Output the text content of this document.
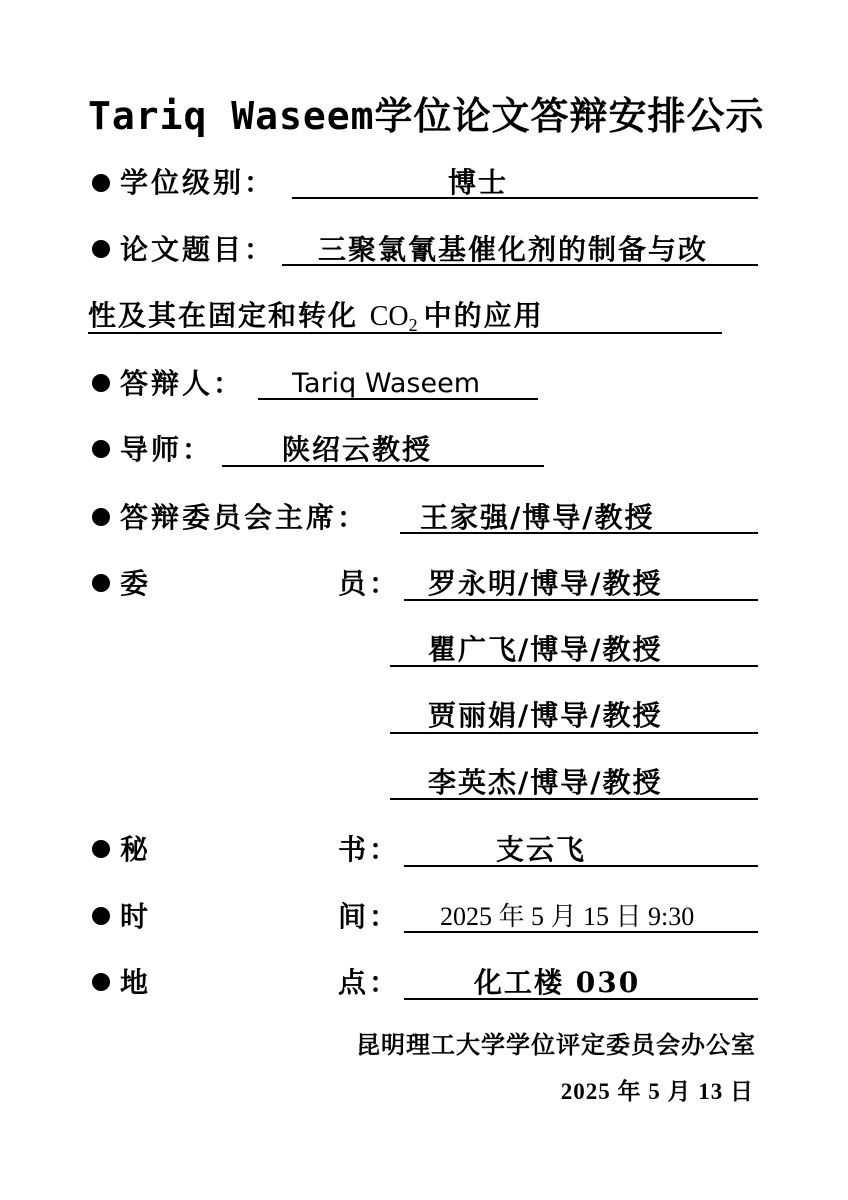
Tariq Waseem学位论文答辩安排公示
学位级别：	博士
论文题目： 三聚氯氰基催化剂的制备与改
性及其在固定和转化 $CO_2$ 中的应用
答辩人： Tariq Waseem
导师： 陕绍云教授
答辩委员会主席： 王家强/博导/教授
委	员： 罗永明/博导/教授
瞿广飞/博导/教授
贾丽娟/博导/教授
李英杰/博导/教授
秘	书：	支云飞
时	间： 2025 年 5 月 15 日 9:30
地	点：	化工楼 030
昆明理工大学学位评定委员会办公室
2025 年 5 月 13 日
